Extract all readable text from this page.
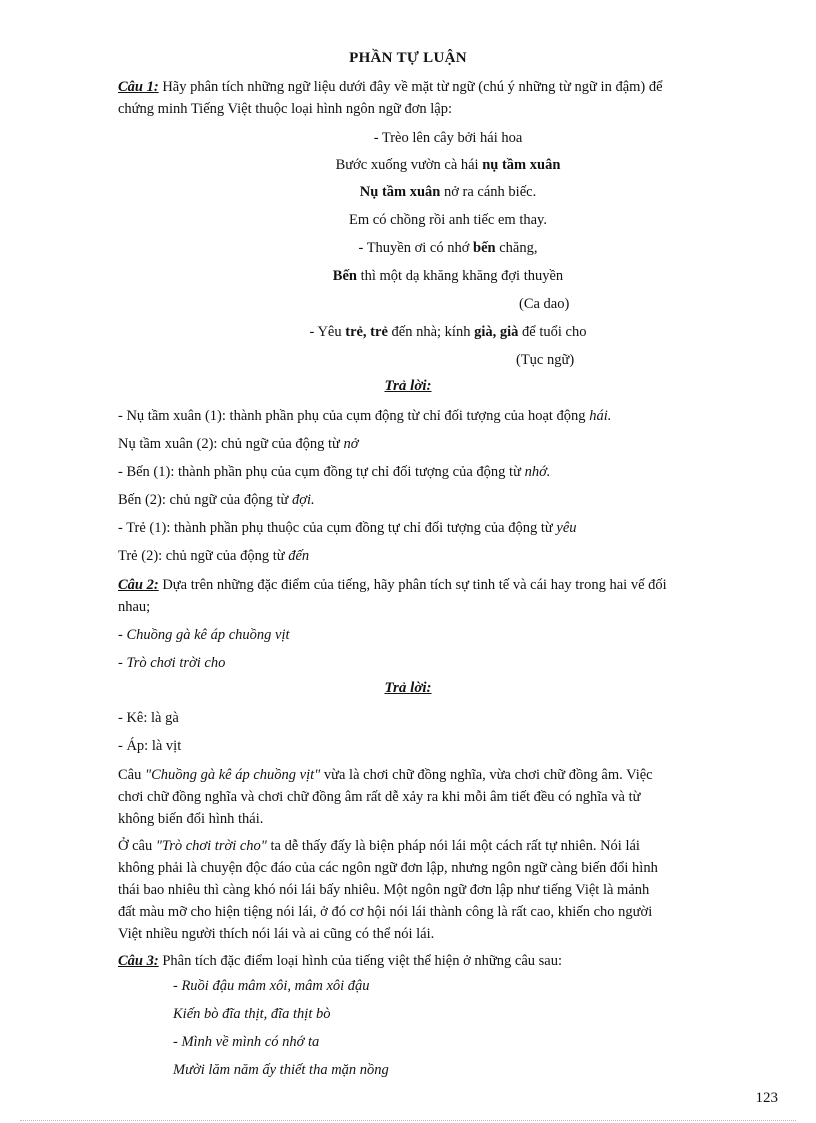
PHẦN TỰ LUẬN
Câu 1: Hãy phân tích những ngữ liệu dưới đây về mặt từ ngữ (chú ý những từ ngữ in đậm) để
chứng minh Tiếng Việt thuộc loại hình ngôn ngữ đơn lập:
- Trèo lên cây bởi hái hoa
Bước xuống vườn cà hái nụ tầm xuân
Nụ tầm xuân nở ra cánh biếc.
Em có chồng rồi anh tiếc em thay.
- Thuyền ơi có nhớ bến chăng,
Bến thì một dạ khăng khăng đợi thuyền
(Ca dao)
- Yêu trẻ, trẻ đến nhà; kính già, già để tuổi cho
(Tục ngữ)
Trả lời:
- Nụ tầm xuân (1): thành phần phụ của cụm động từ chỉ đối tượng của hoạt động hái.
Nụ tầm xuân (2): chủ ngữ của động từ nở
- Bến (1): thành phần phụ của cụm đồng tự chỉ đối tượng của động từ nhớ.
Bến (2): chủ ngữ của động từ đợi.
- Trẻ (1): thành phần phụ thuộc của cụm đồng tự chỉ đối tượng của động từ yêu
Trẻ (2): chủ ngữ của động từ đến
Câu 2: Dựa trên những đặc điểm của tiếng, hãy phân tích sự tinh tế và cái hay trong hai vế đối
nhau;
- Chuồng gà kê áp chuồng vịt
- Trò chơi trời cho
Trả lời:
- Kê: là gà
- Áp: là vịt
Câu "Chuồng gà kê áp chuồng vịt" vừa là chơi chữ đồng nghĩa, vừa chơi chữ đồng âm. Việc
chơi chữ đồng nghĩa và chơi chữ đồng âm rất dễ xảy ra khi mỗi âm tiết đều có nghĩa và từ
không biến đổi hình thái.
Ở câu "Trò chơi trời cho" ta dễ thấy đấy là biện pháp nói lái một cách rất tự nhiên. Nói lái
không phải là chuyện độc đáo của các ngôn ngữ đơn lập, nhưng ngôn ngữ càng biến đổi hình
thái bao nhiêu thì càng khó nói lái bấy nhiêu. Một ngôn ngữ đơn lập như tiếng Việt là mảnh
đất màu mỡ cho hiện tiệng nói lái, ở đó cơ hội nói lái thành công là rất cao, khiến cho người
Việt nhiều người thích nói lái và ai cũng có thể nói lái.
Câu 3: Phân tích đặc điểm loại hình của tiếng việt thể hiện ở những câu sau:
- Ruồi đậu mâm xôi, mâm xôi đậu
Kiến bò đĩa thịt, đĩa thịt bò
- Mình về mình có nhớ ta
Mười lăm năm ấy thiết tha mặn nồng
123
